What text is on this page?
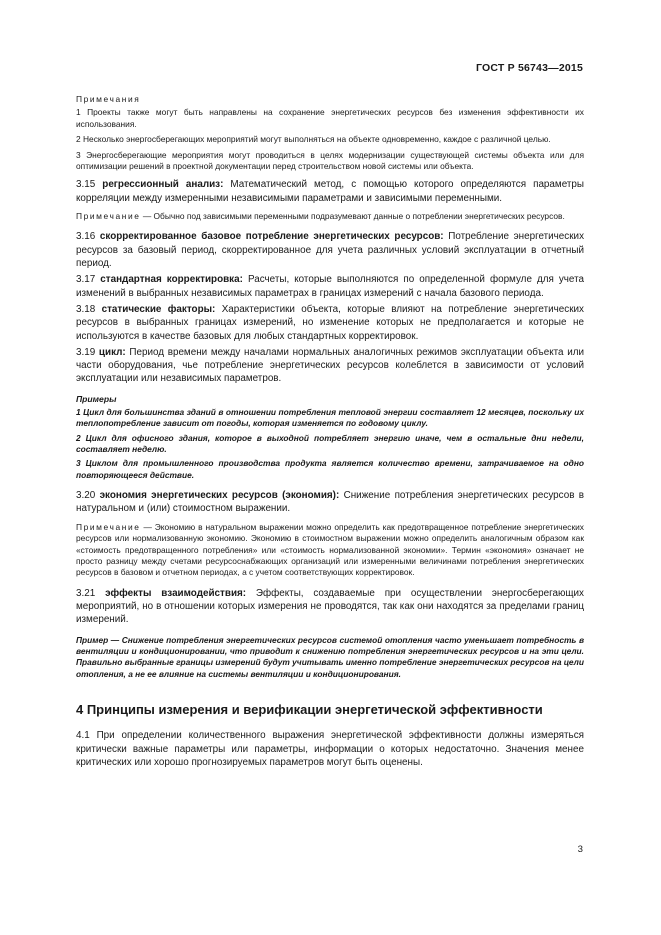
ГОСТ Р 56743—2015

Примечания

1 Проекты также могут быть направлены на сохранение энергетических ресурсов без изменения эффективности их использования.

2 Несколько энергосберегающих мероприятий могут выполняться на объекте одновременно, каждое с различной целью.

3 Энергосберегающие мероприятия могут проводиться в целях модернизации существующей системы объекта или для оптимизации решений в проектной документации перед строительством новой системы или объекта.

3.15 регрессионный анализ: Математический метод, с помощью которого определяются параметры корреляции между измеренными независимыми параметрами и зависимыми переменными.

Примечание — Обычно под зависимыми переменными подразумевают данные о потреблении энергетических ресурсов.

3.16 скорректированное базовое потребление энергетических ресурсов: Потребление энергетических ресурсов за базовый период, скорректированное для учета различных условий эксплуатации в отчетный период.

3.17 стандартная корректировка: Расчеты, которые выполняются по определенной формуле для учета изменений в выбранных независимых параметрах в границах измерений с начала базового периода.

3.18 статические факторы: Характеристики объекта, которые влияют на потребление энергетических ресурсов в выбранных границах измерений, но изменение которых не предполагается и которые не используются в качестве базовых для любых стандартных корректировок.

3.19 цикл: Период времени между началами нормальных аналогичных режимов эксплуатации объекта или части оборудования, чье потребление энергетических ресурсов колеблется в зависимости от условий эксплуатации или независимых параметров.

Примеры

1 Цикл для большинства зданий в отношении потребления тепловой энергии составляет 12 месяцев, поскольку их теплопотребление зависит от погоды, которая изменяется по годовому циклу.

2 Цикл для офисного здания, которое в выходной потребляет энергию иначе, чем в остальные дни недели, составляет неделю.

3 Циклом для промышленного производства продукта является количество времени, затрачиваемое на одно повторяющееся действие.

3.20 экономия энергетических ресурсов (экономия): Снижение потребления энергетических ресурсов в натуральном и (или) стоимостном выражении.

Примечание — Экономию в натуральном выражении можно определить как предотвращенное потребление энергетических ресурсов или нормализованную экономию. Экономию в стоимостном выражении можно определить аналогичным образом как «стоимость предотвращенного потребления» или «стоимость нормализованной экономии». Термин «экономия» означает не просто разницу между счетами ресурсоснабжающих организаций или измеренными величинами потребления энергетических ресурсов в базовом и отчетном периодах, а с учетом соответствующих корректировок.

3.21 эффекты взаимодействия: Эффекты, создаваемые при осуществлении энергосберегающих мероприятий, но в отношении которых измерения не проводятся, так как они находятся за пределами границ измерений.

Пример — Снижение потребления энергетических ресурсов системой отопления часто уменьшает потребность в вентиляции и кондиционировании, что приводит к снижению потребления энергетических ресурсов и на эти цели. Правильно выбранные границы измерений будут учитывать именно потребление энергетических ресурсов на цели отопления, а не ее влияние на системы вентиляции и кондиционирования.

4 Принципы измерения и верификации энергетической эффективности

4.1 При определении количественного выражения энергетической эффективности должны измеряться критически важные параметры или параметры, информации о которых недостаточно. Значения менее критических или хорошо прогнозируемых параметров могут быть оценены.

3
